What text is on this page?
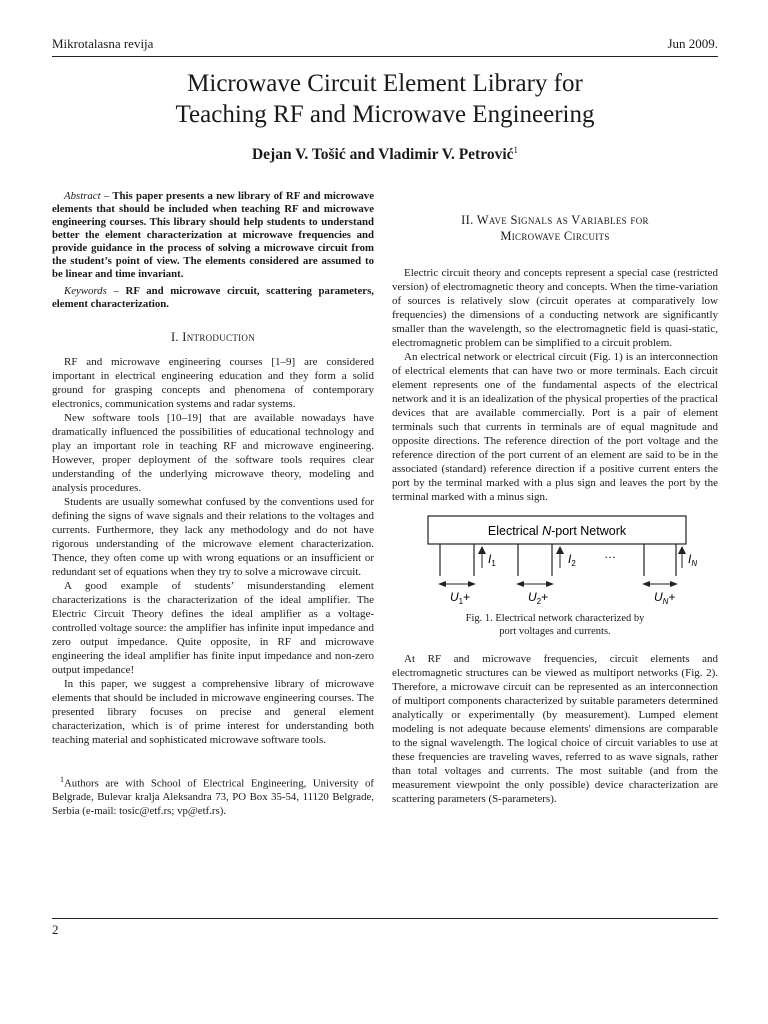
Mikrotalasna revija	Jun 2009.
Microwave Circuit Element Library for
Teaching RF and Microwave Engineering
Dejan V. Tošić and Vladimir V. Petrović$^1$

Abstract – This paper presents a new library of RF and microwave elements that should be included when teaching RF and microwave engineering courses. This library should help students to understand better the element characterization at microwave frequencies and provide guidance in the process of solving a microwave circuit from the student’s point of view. The elements considered are assumed to be linear and time invariant.

Keywords – RF and microwave circuit, scattering parameters, element characterization.

I. Introduction

RF and microwave engineering courses [1–9] are considered important in electrical engineering education and they form a solid ground for grasping concepts and phenomena of contemporary electronics, communication systems and radar systems.

New software tools [10–19] that are available nowadays have dramatically influenced the possibilities of educational technology and play an important role in teaching RF and microwave engineering. However, proper deployment of the software tools requires clear understanding of the underlying microwave theory, modeling and analysis procedures.

Students are usually somewhat confused by the conventions used for defining the signs of wave signals and their relations to the voltages and currents. Furthermore, they lack any methodology and do not have rigorous understanding of the microwave element characterization. Thence, they often come up with wrong equations or an insufficient or redundant set of equations when they try to solve a microwave circuit.

A good example of students’ misunderstanding element characterizations is the characterization of the ideal amplifier. The Electric Circuit Theory defines the ideal amplifier as a voltage-controlled voltage source: the amplifier has infinite input impedance and zero output impedance. Quite opposite, in RF and microwave engineering the ideal amplifier has finite input impedance and non-zero output impedance!

In this paper, we suggest a comprehensive library of microwave elements that should be included in microwave engineering courses. The presented library focuses on precise and general element characterization, which is of prime interest for understanding both teaching material and sophisticated microwave software tools.

$^1$Authors are with School of Electrical Engineering, University of Belgrade, Bulevar kralja Aleksandra 73, PO Box 35-54, 11120 Belgrade, Serbia (e-mail: tosic@etf.rs; vp@etf.rs).

II. Wave Signals as Variables for
Microwave Circuits

Electric circuit theory and concepts represent a special case (restricted version) of electromagnetic theory and concepts. When the time-variation of sources is relatively slow (circuit operates at comparatively low frequencies) the dimensions of a conducting network are significantly smaller than the wavelength, so the electromagnetic field is quasi-static, electromagnetic problem can be simplified to a circuit problem.

An electrical network or electrical circuit (Fig. 1) is an interconnection of electrical elements that can have two or more terminals. Each circuit element represents one of the fundamental aspects of the electrical network and it is an idealization of the physical properties of the practical devices that are available commercially. Port is a pair of element terminals such that currents in terminals are of equal magnitude and opposite directions. The reference direction of the port voltage and the reference direction of the port current of an element are said to be in the associated (standard) reference direction if a positive current enters the port by the terminal marked with a plus sign and leaves the port by the terminal marked with a minus sign.

Electrical N-port Network
$I_1$
$U_1+$
$I_2$
$U_2+$
…	$I_N$
$U_N+$

Fig. 1. Electrical network characterized by
port voltages and currents.

At RF and microwave frequencies, circuit elements and electromagnetic structures can be viewed as multiport networks (Fig. 2). Therefore, a microwave circuit can be represented as an interconnection of multiport components characterized by suitable parameters determined analytically or experimentally (by measurement). Lumped element modeling is not adequate because elements' dimensions are comparable to the signal wavelength. The logical choice of circuit variables to use at these frequencies are traveling waves, referred to as wave signals, rather than total voltages and currents. The most suitable (and from the measurement viewpoint the only possible) device characterization are scattering parameters (S-parameters).

2
